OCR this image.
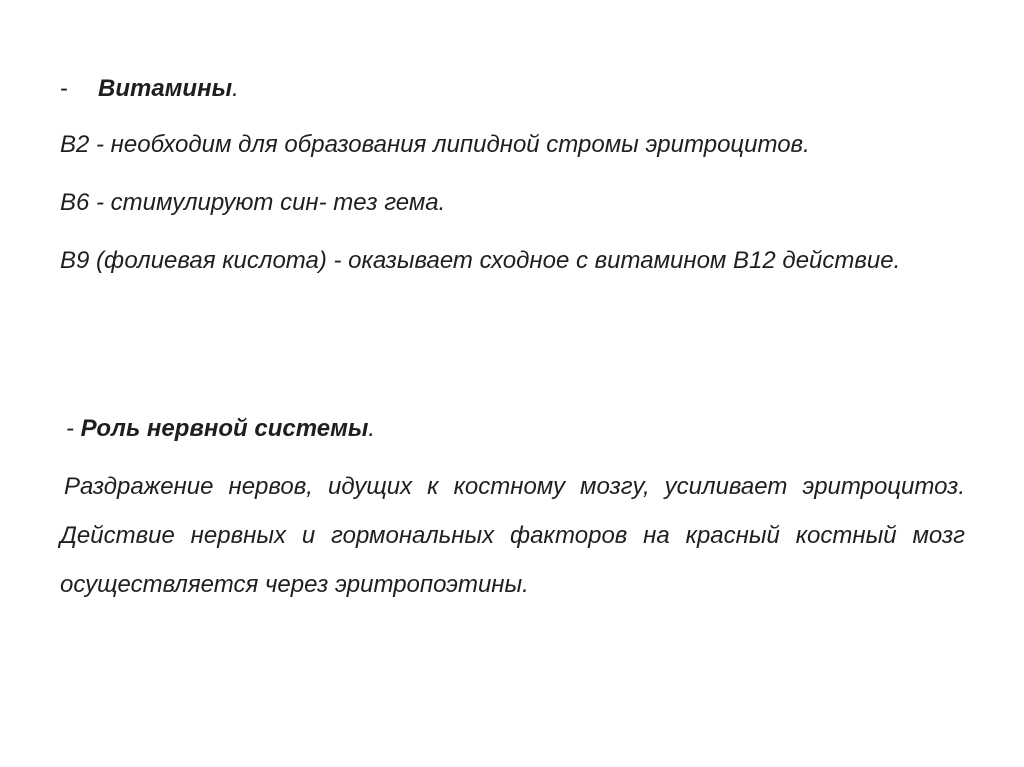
- Витамины.

В2 - необходим для образования липидной стромы эритроцитов.

В6 - стимулируют син- тез гема.

В9 (фолиевая кислота) - оказывает сходное с витамином В12 действие.

- Роль нервной системы.

Раздражение нервов, идущих к костному мозгу, усиливает эритроцитоз. Действие нервных и гормональных факторов на красный костный мозг осуществляется через эритропоэтины.
